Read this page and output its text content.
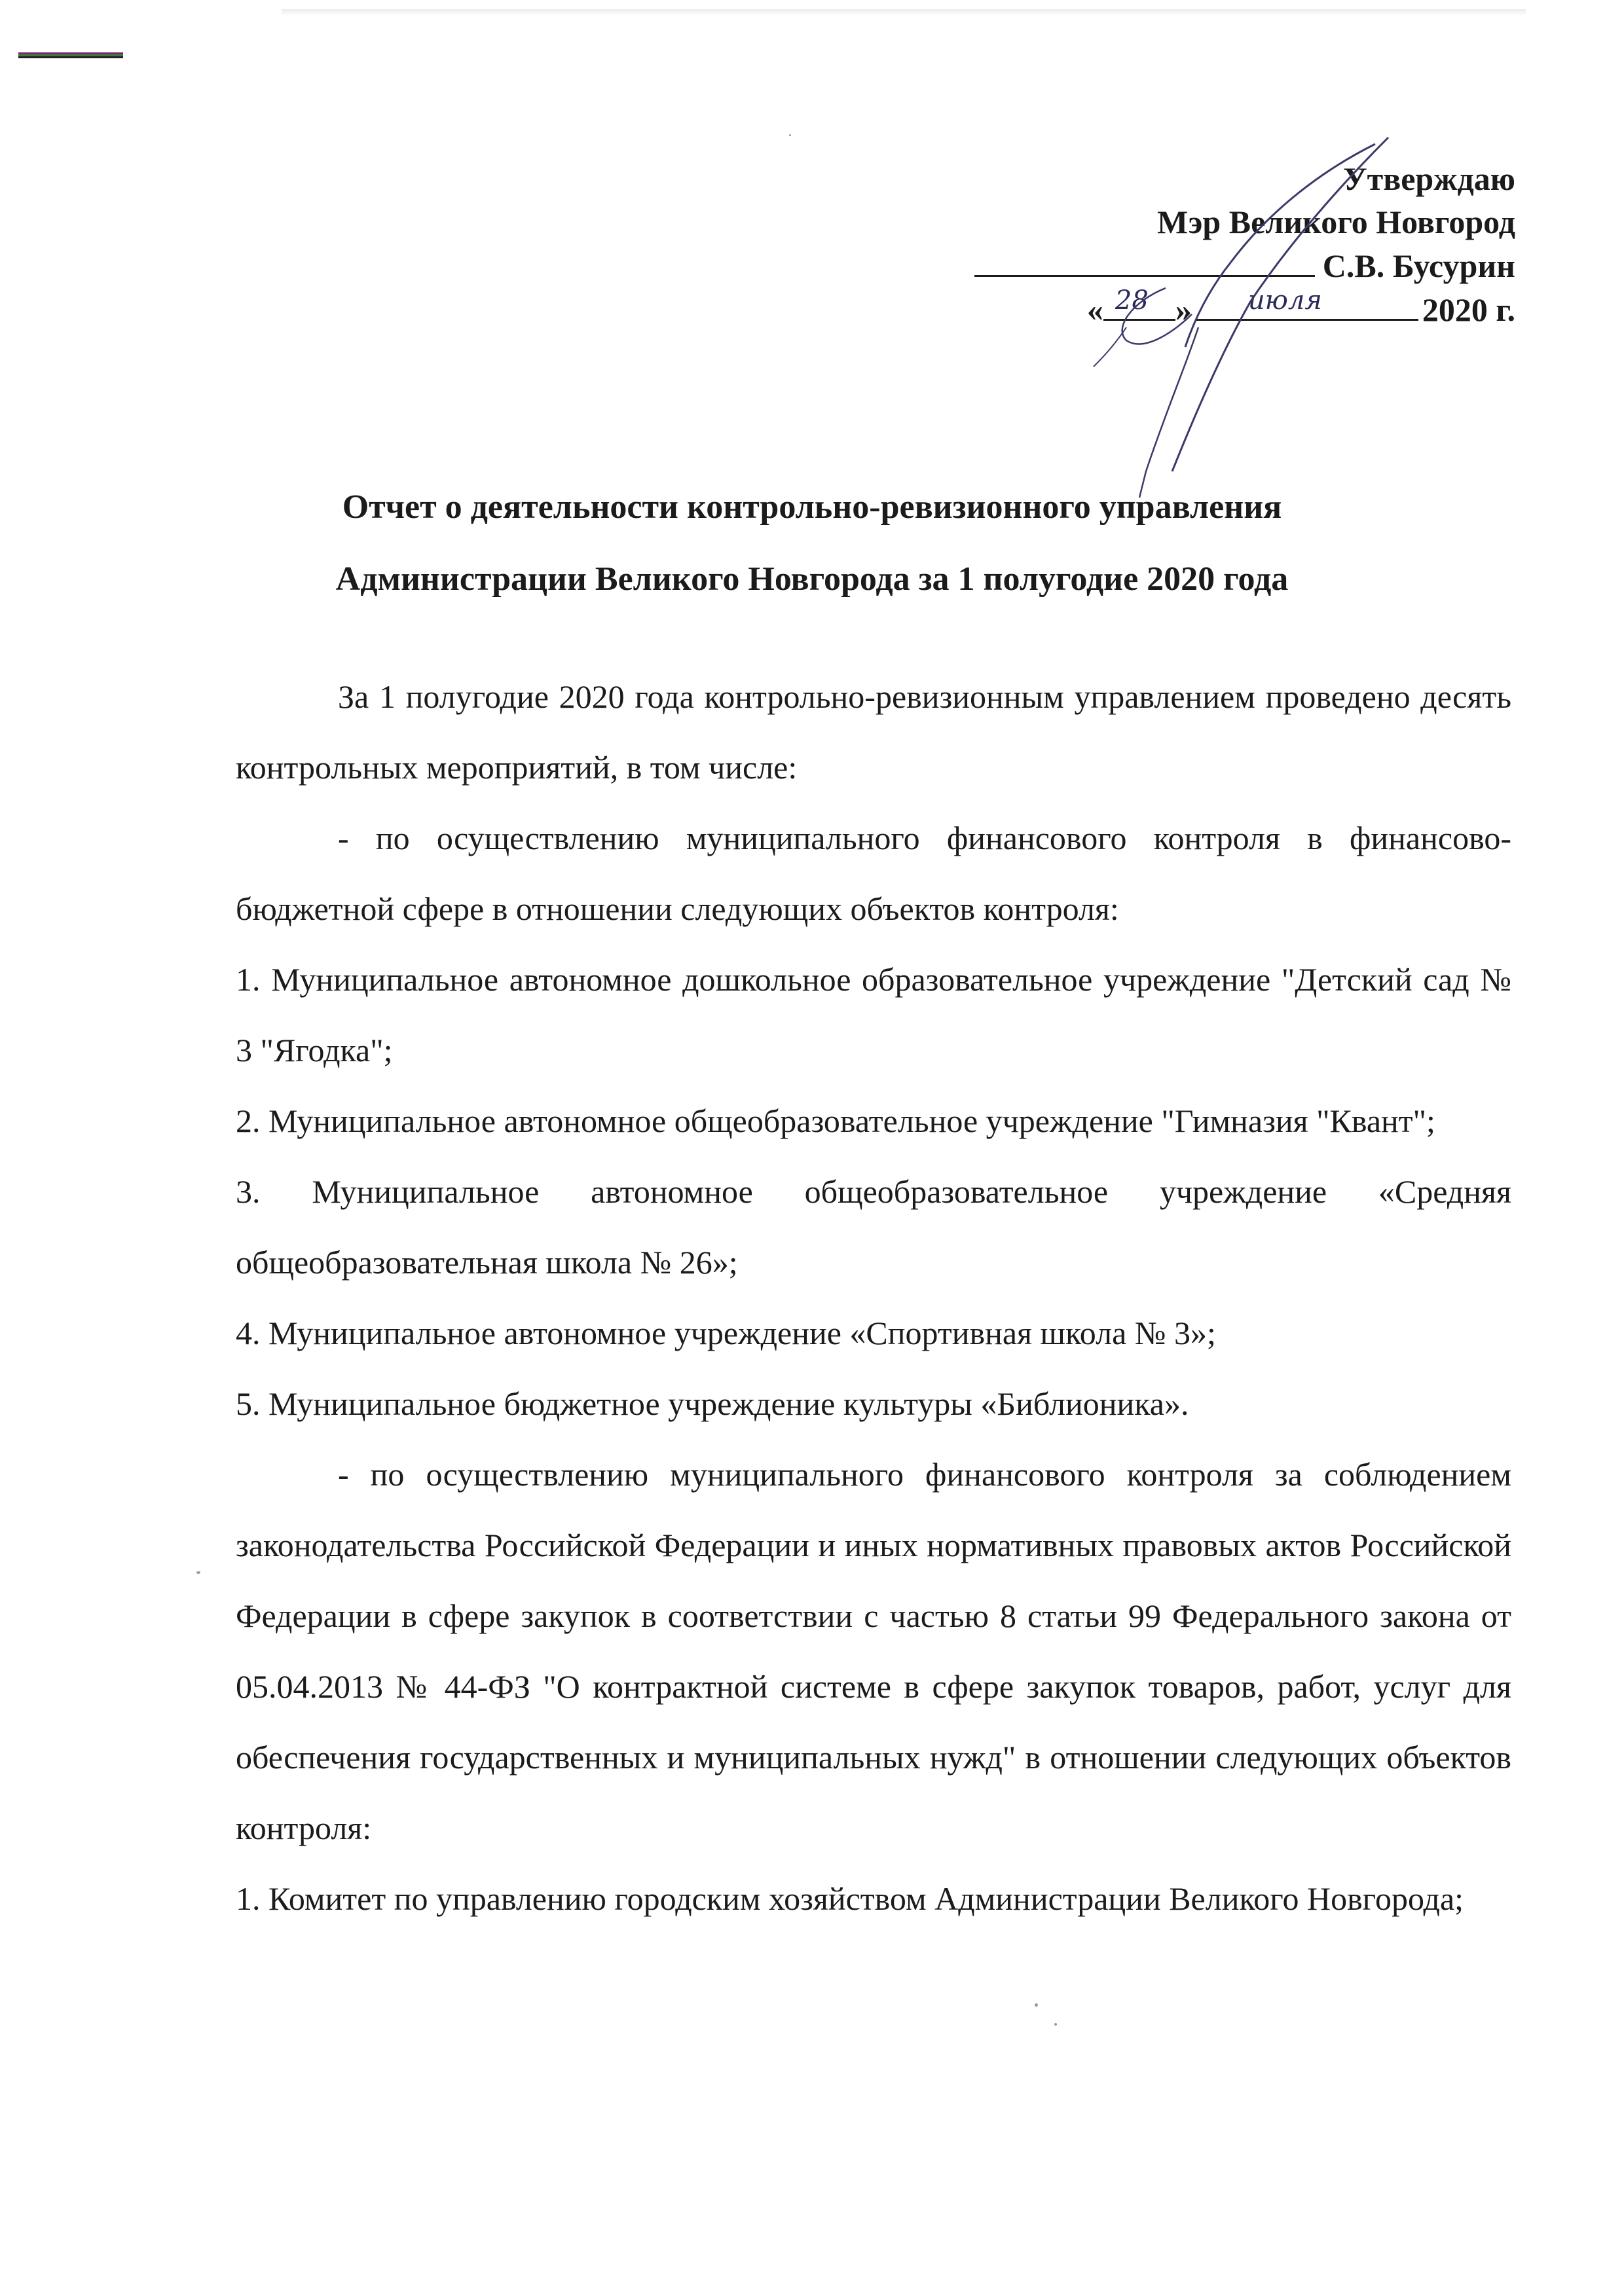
Утверждаю
Мэр Великого Новгород
С.В. Бусурин
« 28 » июля	2020 г.
Отчет о деятельности контрольно-ревизионного управления
Администрации Великого Новгорода за 1 полугодие 2020 года

За 1 полугодие 2020 года контрольно-ревизионным управлением проведено десять контрольных мероприятий, в том числе:

- по осуществлению муниципального финансового контроля в финансово-бюджетной сфере в отношении следующих объектов контроля:

1. Муниципальное автономное дошкольное образовательное учреждение "Детский сад № 3 "Ягодка";

2. Муниципальное автономное общеобразовательное учреждение "Гимназия "Квант";

3. Муниципальное автономное общеобразовательное учреждение «Средняя общеобразовательная школа № 26»;

4. Муниципальное автономное учреждение «Спортивная школа № 3»;

5. Муниципальное бюджетное учреждение культуры «Библионика».

- по осуществлению муниципального финансового контроля за соблюдением законодательства Российской Федерации и иных нормативных правовых актов Российской Федерации в сфере закупок в соответствии с частью 8 статьи 99 Федерального закона от 05.04.2013 № 44-ФЗ "О контрактной системе в сфере закупок товаров, работ, услуг для обеспечения государственных и муниципальных нужд" в отношении следующих объектов контроля:

1. Комитет по управлению городским хозяйством Администрации Великого Новгорода;
